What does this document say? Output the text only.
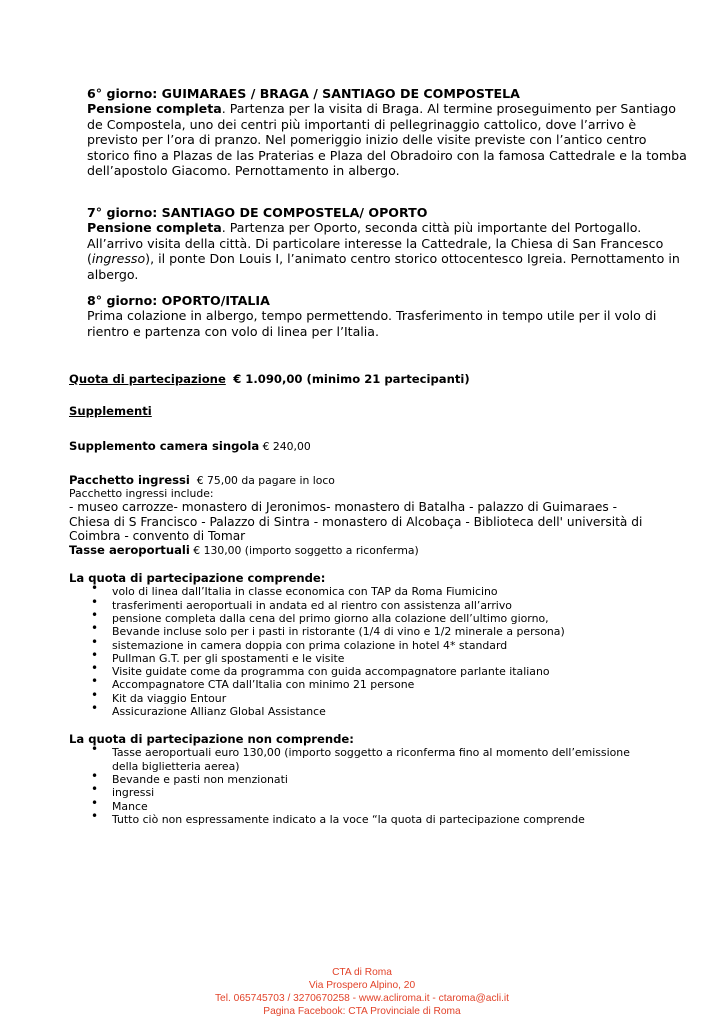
6° giorno: GUIMARAES / BRAGA / SANTIAGO DE COMPOSTELA
Pensione completa. Partenza per la visita di Braga. Al termine proseguimento per Santiago de Compostela, uno dei centri più importanti di pellegrinaggio cattolico, dove l’arrivo è previsto per l’ora di pranzo. Nel pomeriggio inizio delle visite previste con l’antico centro storico fino a Plazas de las Praterias e Plaza del Obradoiro con la famosa Cattedrale e la tomba dell’apostolo Giacomo. Pernottamento in albergo.
7° giorno: SANTIAGO DE COMPOSTELA/ OPORTO
Pensione completa. Partenza per Oporto, seconda città più importante del Portogallo. All’arrivo visita della città. Di particolare interesse la Cattedrale, la Chiesa di San Francesco (ingresso), il ponte Don Louis I, l’animato centro storico ottocentesco Igreia. Pernottamento in albergo.
8° giorno: OPORTO/ITALIA
Prima colazione in albergo, tempo permettendo. Trasferimento in tempo utile per il volo di rientro e partenza con volo di linea per l’Italia.
Quota di partecipazione € 1.090,00 (minimo 21 partecipanti)
Supplementi
Supplemento camera singola € 240,00
Pacchetto ingressi € 75,00 da pagare in loco
Pacchetto ingressi include:
- museo carrozze- monastero di Jeronimos- monastero di Batalha - palazzo di Guimaraes - Chiesa di S Francisco - Palazzo di Sintra - monastero di Alcobaça - Biblioteca dell' università di Coimbra - convento di Tomar
Tasse aeroportuali € 130,00 (importo soggetto a riconferma)
La quota di partecipazione comprende:
• volo di linea dall’Italia in classe economica con TAP da Roma Fiumicino
• trasferimenti aeroportuali in andata ed al rientro con assistenza all’arrivo
• pensione completa dalla cena del primo giorno alla colazione dell’ultimo giorno,
• Bevande incluse solo per i pasti in ristorante (1/4 di vino e 1/2 minerale a persona)
• sistemazione in camera doppia con prima colazione in hotel 4* standard
• Pullman G.T. per gli spostamenti e le visite
• Visite guidate come da programma con guida accompagnatore parlante italiano
• Accompagnatore CTA dall’Italia con minimo 21 persone
• Kit da viaggio Entour
• Assicurazione Allianz Global Assistance
La quota di partecipazione non comprende:
• Tasse aeroportuali euro 130,00 (importo soggetto a riconferma fino al momento dell’emissione della biglietteria aerea)
• Bevande e pasti non menzionati
• ingressi
• Mance
• Tutto ciò non espressamente indicato a la voce “la quota di partecipazione comprende
CTA di Roma
Via Prospero Alpino, 20
Tel. 065745703 / 3270670258 - www.acliroma.it - ctaroma@acli.it
Pagina Facebook: CTA Provinciale di Roma
